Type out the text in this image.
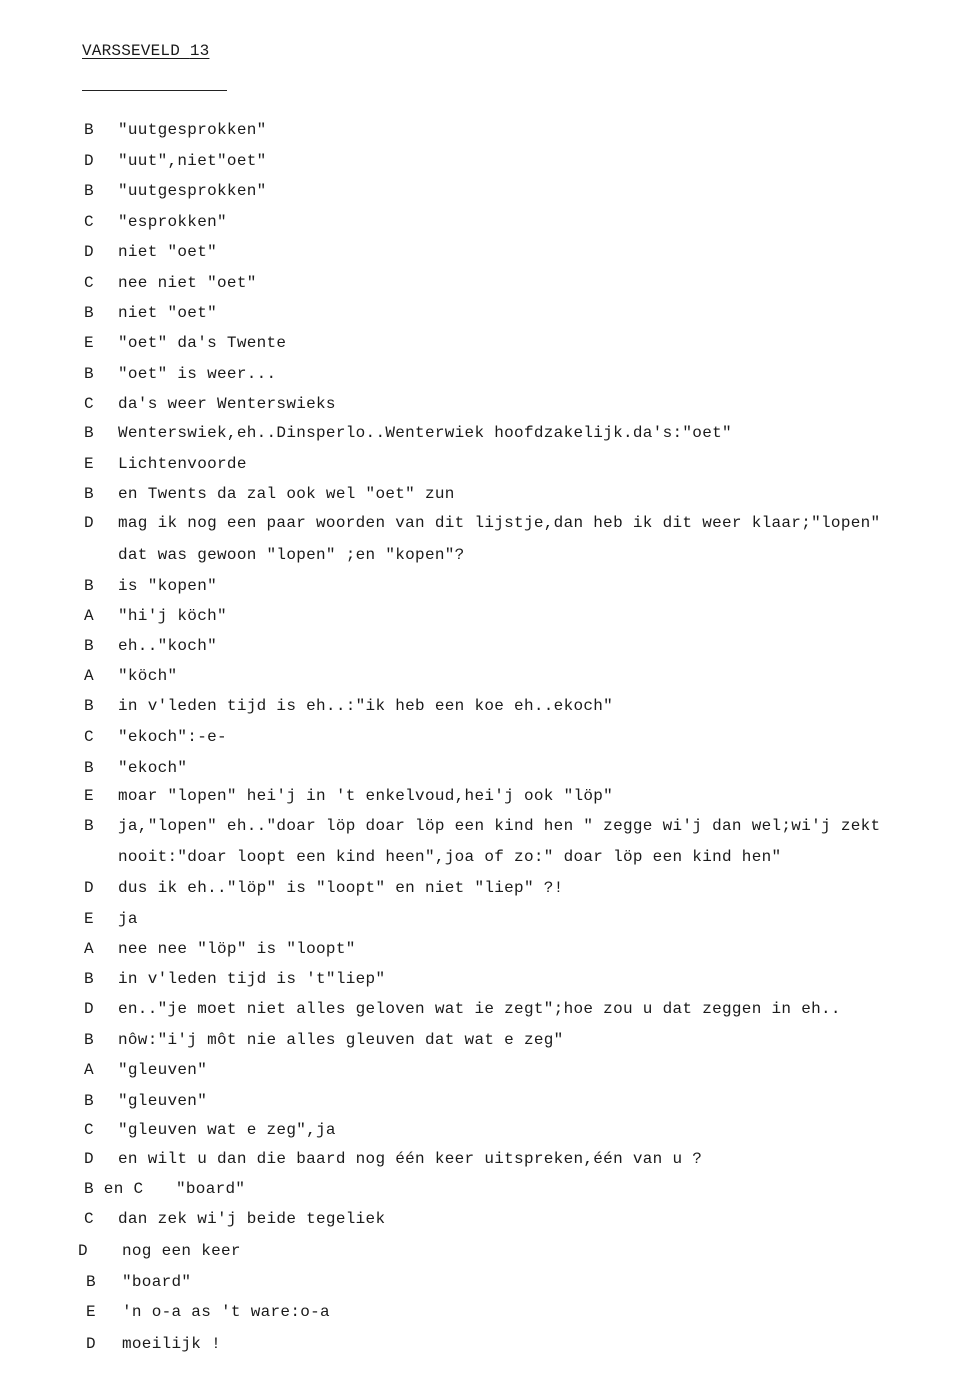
VARSSEVELD 13
B "uutgesprokken"
D "uut",niet"oet"
B "uutgesprokken"
C "esprokken"
D niet "oet"
C nee niet "oet"
B niet "oet"
E "oet" da's Twente
B "oet" is weer...
C da's weer Wenterswieks
B Wenterswiek,eh..Dinsperlo..Wenterwiek hoofdzakelijk.da's:"oet"
E Lichtenvoorde
B en Twents da zal ook wel "oet" zun
D mag ik nog een paar woorden van dit lijstje,dan heb ik dit weer klaar;"lopen"
dat was gewoon "lopen" ;en "kopen"?
B is "kopen"
A "hi'j köch"
B eh.."koch"
A "köch"
B in v'leden tijd is eh..:"ik heb een koe eh..ekoch"
C "ekoch":-e-
B "ekoch"
E moar "lopen" hei'j in 't enkelvoud,hei'j ook "löp"
B ja,"lopen" eh.."doar löp doar löp een kind hen " zegge wi'j dan wel;wi'j zekt
nooit:"doar loopt een kind heen",joa of zo:" doar löp een kind hen"
D dus ik eh.."löp" is "loopt" en niet "liep" ?!
E ja
A nee nee "löp" is "loopt"
B in v'leden tijd is 't"liep"
D en.."je moet niet alles geloven wat ie zegt";hoe zou u dat zeggen in eh..
B nôw:"i'j môt nie alles gleuven dat wat e zeg"
A "gleuven"
B "gleuven"
C "gleuven wat e zeg",ja
D en wilt u dan die baard nog één keer uitspreken,één van u ?
B en C "board"
C dan zek wi'j beide tegeliek
D nog een keer
B "board"
E 'n o-a as 't ware:o-a
D moeilijk !
